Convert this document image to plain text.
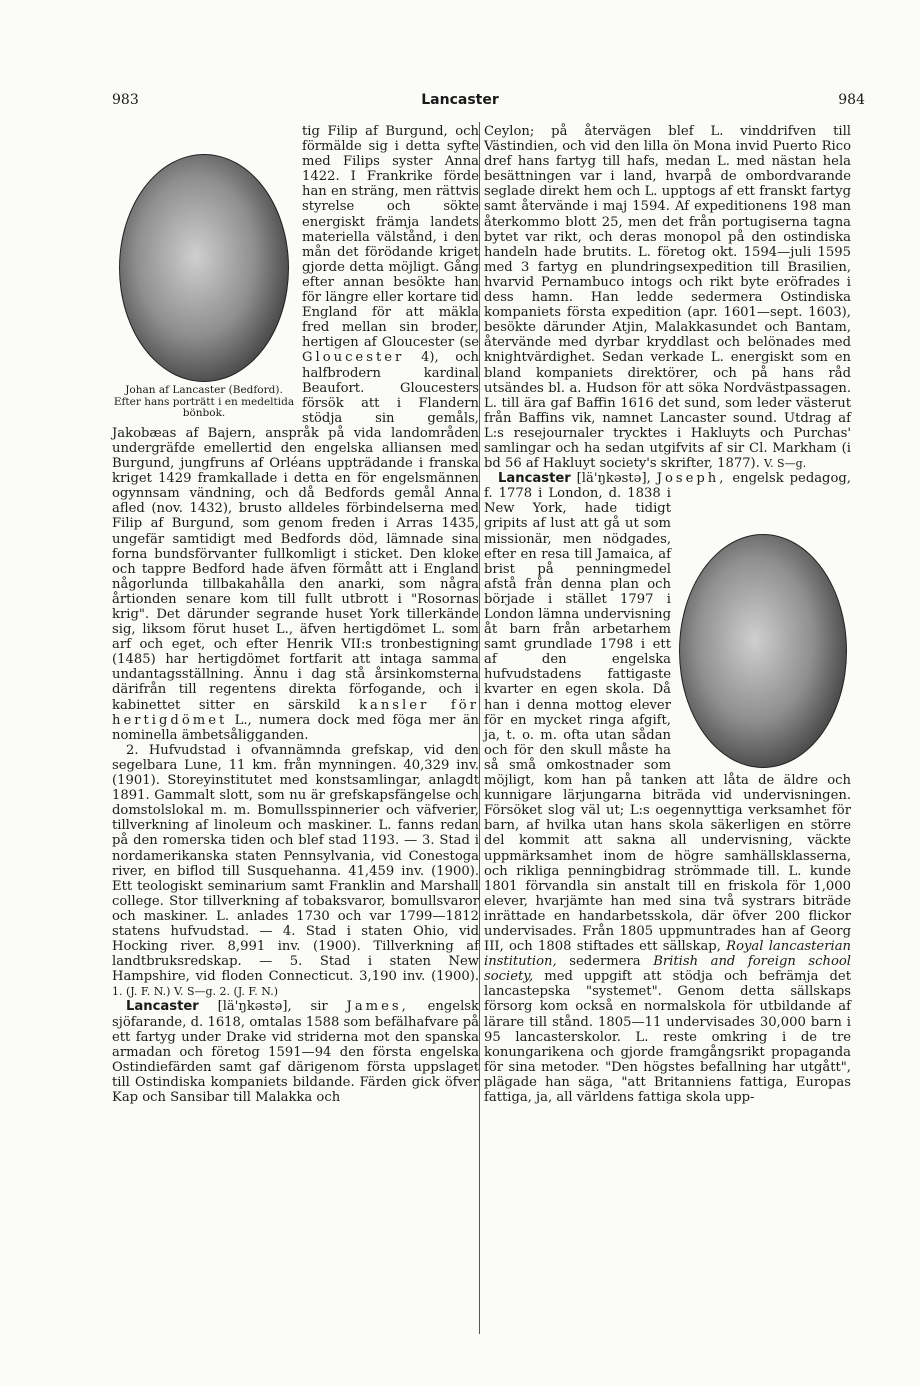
983	Lancaster	984

Johan af Lancaster (Bedford). Efter hans porträtt i en medeltida bönbok.
tig Filip af Burgund, och förmälde sig i detta syfte med Filips syster Anna 1422. I Frankrike förde han en sträng, men rättvis styrelse och sökte energiskt främja landets materiella välstånd, i den mån det förödande kriget gjorde detta möjligt. Gång efter annan besökte han för längre eller kortare tid England för att mäkla fred mellan sin broder, hertigen af Gloucester (se Gloucester 4), och halfbrodern kardinal Beaufort. Gloucesters försök att i Flandern stödja sin gemåls, Jakobæas af Bajern, anspråk på vida landområden undergräfde emellertid den engelska alliansen med Burgund, jungfruns af Orléans uppträdande i franska kriget 1429 framkallade i detta en för engelsmännen ogynnsam vändning, och då Bedfords gemål Anna afled (nov. 1432), brusto alldeles förbindelserna med Filip af Burgund, som genom freden i Arras 1435, ungefär samtidigt med Bedfords död, lämnade sina forna bundsförvanter fullkomligt i sticket. Den kloke och tappre Bedford hade äfven förmått att i England någorlunda tillbakahålla den anarki, som några årtionden senare kom till fullt utbrott i "Rosornas krig". Det därunder segrande huset York tillerkände sig, liksom förut huset L., äfven hertigdömet L. som arf och eget, och efter Henrik VII:s tronbestigning (1485) har hertigdömet fortfarit att intaga samma undantagsställning. Ännu i dag stå årsinkomsterna därifrån till regentens direkta förfogande, och i kabinettet sitter en särskild kansler för hertigdömet L., numera dock med föga mer än nominella ämbetsåligganden.

2. Hufvudstad i ofvannämnda grefskap, vid den segelbara Lune, 11 km. från mynningen. 40,329 inv. (1901). Storeyinstitutet med konstsamlingar, anlagdt 1891. Gammalt slott, som nu är grefskapsfängelse och domstolslokal m. m. Bomullsspinnerier och väfverier, tillverkning af linoleum och maskiner. L. fanns redan på den romerska tiden och blef stad 1193. — 3. Stad i nordamerikanska staten Pennsylvania, vid Conestoga river, en biflod till Susquehanna. 41,459 inv. (1900). Ett teologiskt seminarium samt Franklin and Marshall college. Stor tillverkning af tobaksvaror, bomullsvaror och maskiner. L. anlades 1730 och var 1799—1812 statens hufvudstad. — 4. Stad i staten Ohio, vid Hocking river. 8,991 inv. (1900). Tillverkning af landtbruksredskap. — 5. Stad i staten New Hampshire, vid floden Connecticut. 3,190 inv. (1900). 1. (J. F. N.) V. S—g. 2. (J. F. N.)

Lancaster [lä'ŋkəstə], sir James, engelsk sjöfarande, d. 1618, omtalas 1588 som befälhafvare på ett fartyg under Drake vid striderna mot den spanska armadan och företog 1591—94 den första engelska Ostindiefärden samt gaf därigenom första uppslaget till Ostindiska kompaniets bildande. Färden gick öfver Kap och Sansibar till Malakka och

Ceylon; på återvägen blef L. vinddrifven till Västindien, och vid den lilla ön Mona invid Puerto Rico dref hans fartyg till hafs, medan L. med nästan hela besättningen var i land, hvarpå de ombordvarande seglade direkt hem och L. upptogs af ett franskt fartyg samt återvände i maj 1594. Af expeditionens 198 man återkommo blott 25, men det från portugiserna tagna bytet var rikt, och deras monopol på den ostindiska handeln hade brutits. L. företog okt. 1594—juli 1595 med 3 fartyg en plundringsexpedition till Brasilien, hvarvid Pernambuco intogs och rikt byte eröfrades i dess hamn. Han ledde sedermera Ostindiska kompaniets första expedition (apr. 1601—sept. 1603), besökte därunder Atjin, Malakkasundet och Bantam, återvände med dyrbar kryddlast och belönades med knightvärdighet. Sedan verkade L. energiskt som en bland kompaniets direktörer, och på hans råd utsändes bl. a. Hudson för att söka Nordvästpassagen. L. till ära gaf Baffin 1616 det sund, som leder västerut från Baffins vik, namnet Lancaster sound. Utdrag af L:s resejournaler trycktes i Hakluyts och Purchas' samlingar och ha sedan utgifvits af sir Cl. Markham (i bd 56 af Hakluyt society's skrifter, 1877). V. S—g.

Lancaster [lä'ŋkəstə], Joseph, engelsk pedagog, f. 1778 i London, d. 1838 i New York, hade tidigt gripits af lust att gå ut som missionär, men nödgades, efter en resa till Jamaica, af brist på penningmedel afstå från denna plan och började i stället 1797 i London lämna undervisning åt barn från arbetarhem samt grundlade 1798 i ett af den engelska hufvudstadens fattigaste kvarter en egen skola. Då han i denna mottog elever för en mycket ringa afgift, ja, t. o. m. ofta utan sådan och för den skull måste ha så små omkostnader som möjligt, kom han på tanken att låta de äldre och kunnigare lärjungarna biträda vid undervisningen. Försöket slog väl ut; L:s oegennyttiga verksamhet för barn, af hvilka utan hans skola säkerligen en större del kommit att sakna all undervisning, väckte uppmärksamhet inom de högre samhällsklasserna, och rikliga penningbidrag strömmade till. L. kunde 1801 förvandla sin anstalt till en friskola för 1,000 elever, hvarjämte han med sina två systrars biträde inrättade en handarbetsskola, där öfver 200 flickor undervisades. Från 1805 uppmuntrades han af Georg III, och 1808 stiftades ett sällskap, Royal lancasterian institution, sedermera British and foreign school society, med uppgift att stödja och befrämja det lancastерska "systemet". Genom detta sällskaps försorg kom också en normalskola för utbildande af lärare till stånd. 1805—11 undervisades 30,000 barn i 95 lancasterskolor. L. reste omkring i de tre konungarikena och gjorde framgångsrikt propaganda för sina metoder. "Den högstes befallning har utgått", plägade han säga, "att Britanniens fattiga, Europas fattiga, ja, all världens fattiga skola upp-
